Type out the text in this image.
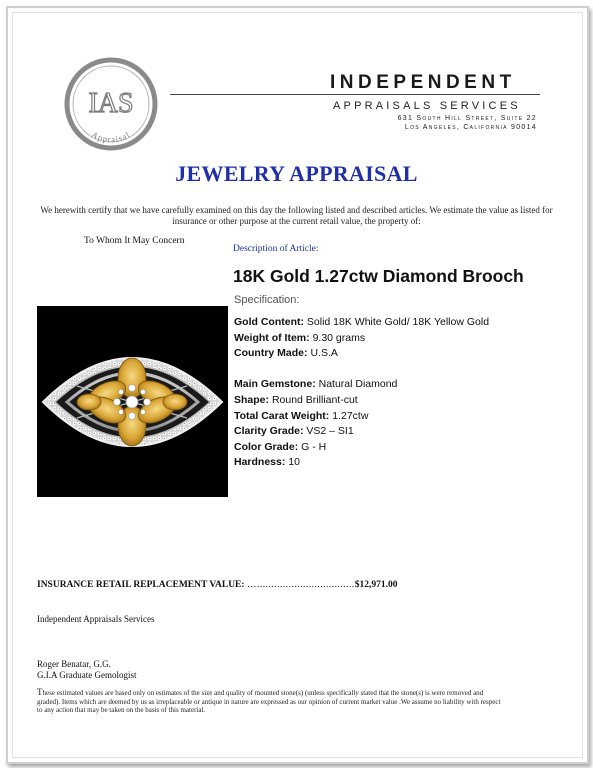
IAS
Appraisal
INDEPENDENT
APPRAISALS SERVICES
631 South Hill Street, Suite 22
Los Angeles, California 90014
JEWELRY APPRAISAL
We herewith certify that we have carefully examined on this day the following listed and described articles. We estimate the value as listed for insurance or other purpose at the current retail value, the property of:
To Whom It May Concern
Description of Article:
18K Gold 1.27ctw Diamond Brooch
Specification:
Gold Content: Solid 18K White Gold/ 18K Yellow Gold
Weight of Item: 9.30 grams
Country Made: U.S.A
Main Gemstone: Natural Diamond
Shape: Round Brilliant-cut
Total Carat Weight: 1.27ctw
Clarity Grade: VS2 – SI1
Color Grade: G - H
Hardness: 10
INSURANCE RETAIL REPLACEMENT VALUE: …..................................$12,971.00
Independent Appraisals Services
Roger Benatar, G.G.
G.I.A Graduate Gemologist
These estimated values are based only on estimates of the size and quality of mounted stone(s) (unless specifically stated that the stone(s) is were removed and graded). Items which are deemed by us as irreplaceable or antique in nature are expressed as our opinion of current market value .We assume no liability with respect to any action that may be taken on the basis of this material.
